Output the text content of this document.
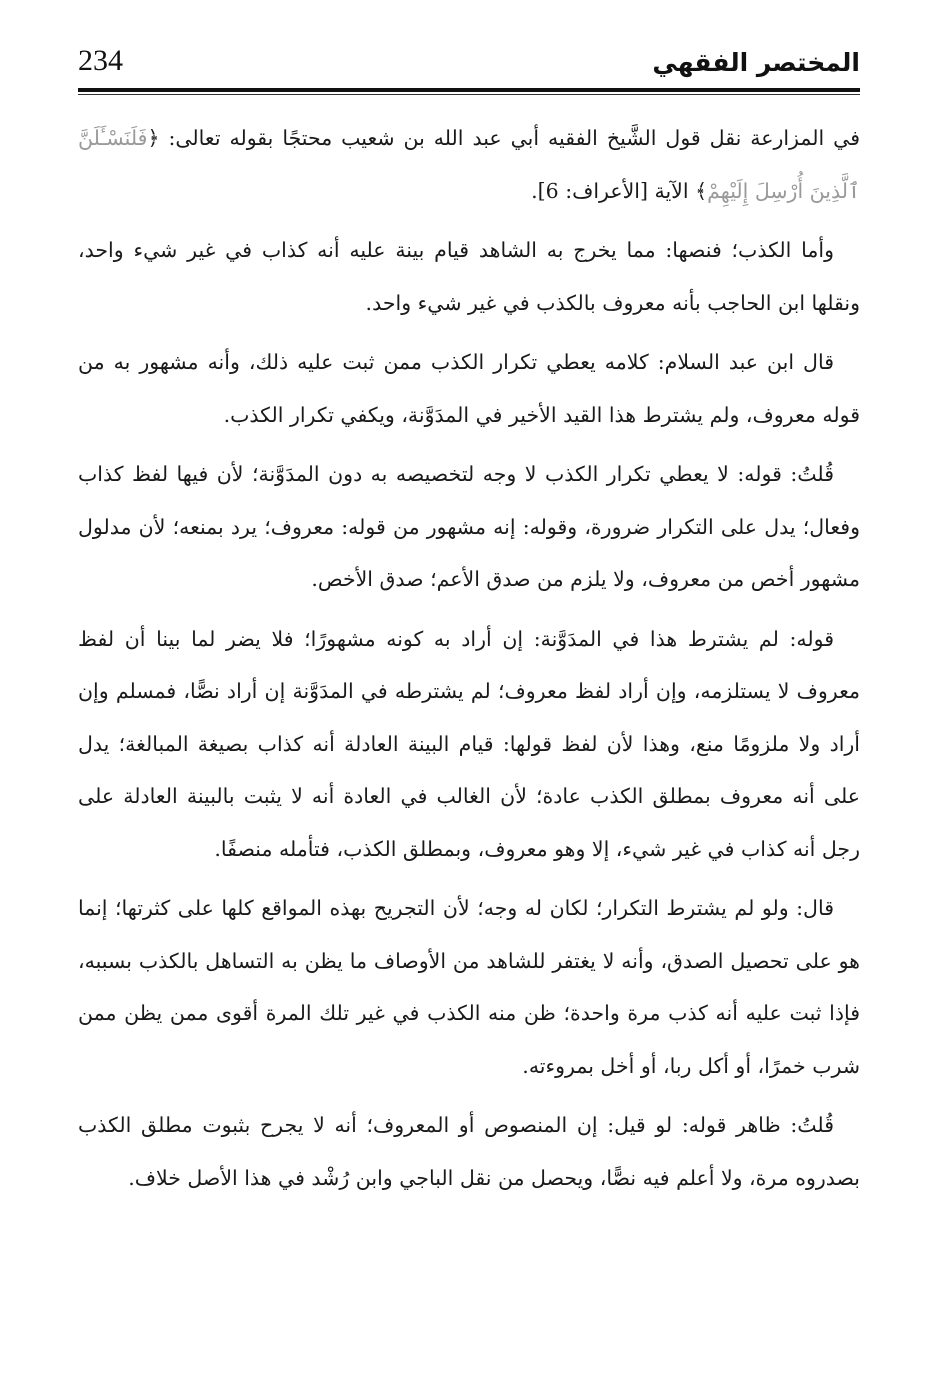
المختصر الفقهي
234

في المزارعة نقل قول الشَّيخ الفقيه أبي عبد الله بن شعيب محتجًا بقوله تعالى: ﴿فَلَنَسْـَٔلَنَّ ٱلَّذِينَ أُرْسِلَ إِلَيْهِمْ﴾ الآية [الأعراف: 6].

وأما الكذب؛ فنصها: مما يخرج به الشاهد قيام بينة عليه أنه كذاب في غير شيء واحد، ونقلها ابن الحاجب بأنه معروف بالكذب في غير شيء واحد.

قال ابن عبد السلام: كلامه يعطي تكرار الكذب ممن ثبت عليه ذلك، وأنه مشهور به من قوله معروف، ولم يشترط هذا القيد الأخير في المدَوَّنة، ويكفي تكرار الكذب.

قُلتُ: قوله: لا يعطي تكرار الكذب لا وجه لتخصيصه به دون المدَوَّنة؛ لأن فيها لفظ كذاب وفعال؛ يدل على التكرار ضرورة، وقوله: إنه مشهور من قوله: معروف؛ يرد بمنعه؛ لأن مدلول مشهور أخص من معروف، ولا يلزم من صدق الأعم؛ صدق الأخص.

قوله: لم يشترط هذا في المدَوَّنة: إن أراد به كونه مشهورًا؛ فلا يضر لما بينا أن لفظ معروف لا يستلزمه، وإن أراد لفظ معروف؛ لم يشترطه في المدَوَّنة إن أراد نصًّا، فمسلم وإن أراد ولا ملزومًا منع، وهذا لأن لفظ قولها: قيام البينة العادلة أنه كذاب بصيغة المبالغة؛ يدل على أنه معروف بمطلق الكذب عادة؛ لأن الغالب في العادة أنه لا يثبت بالبينة العادلة على رجل أنه كذاب في غير شيء، إلا وهو معروف، وبمطلق الكذب، فتأمله منصفًا.

قال: ولو لم يشترط التكرار؛ لكان له وجه؛ لأن التجريح بهذه المواقع كلها على كثرتها؛ إنما هو على تحصيل الصدق، وأنه لا يغتفر للشاهد من الأوصاف ما يظن به التساهل بالكذب بسببه، فإذا ثبت عليه أنه كذب مرة واحدة؛ ظن منه الكذب في غير تلك المرة أقوى ممن يظن ممن شرب خمرًا، أو أكل ربا، أو أخل بمروءته.

قُلتُ: ظاهر قوله: لو قيل: إن المنصوص أو المعروف؛ أنه لا يجرح بثبوت مطلق الكذب بصدروه مرة، ولا أعلم فيه نصًّا، ويحصل من نقل الباجي وابن رُشْد في هذا الأصل خلاف.
